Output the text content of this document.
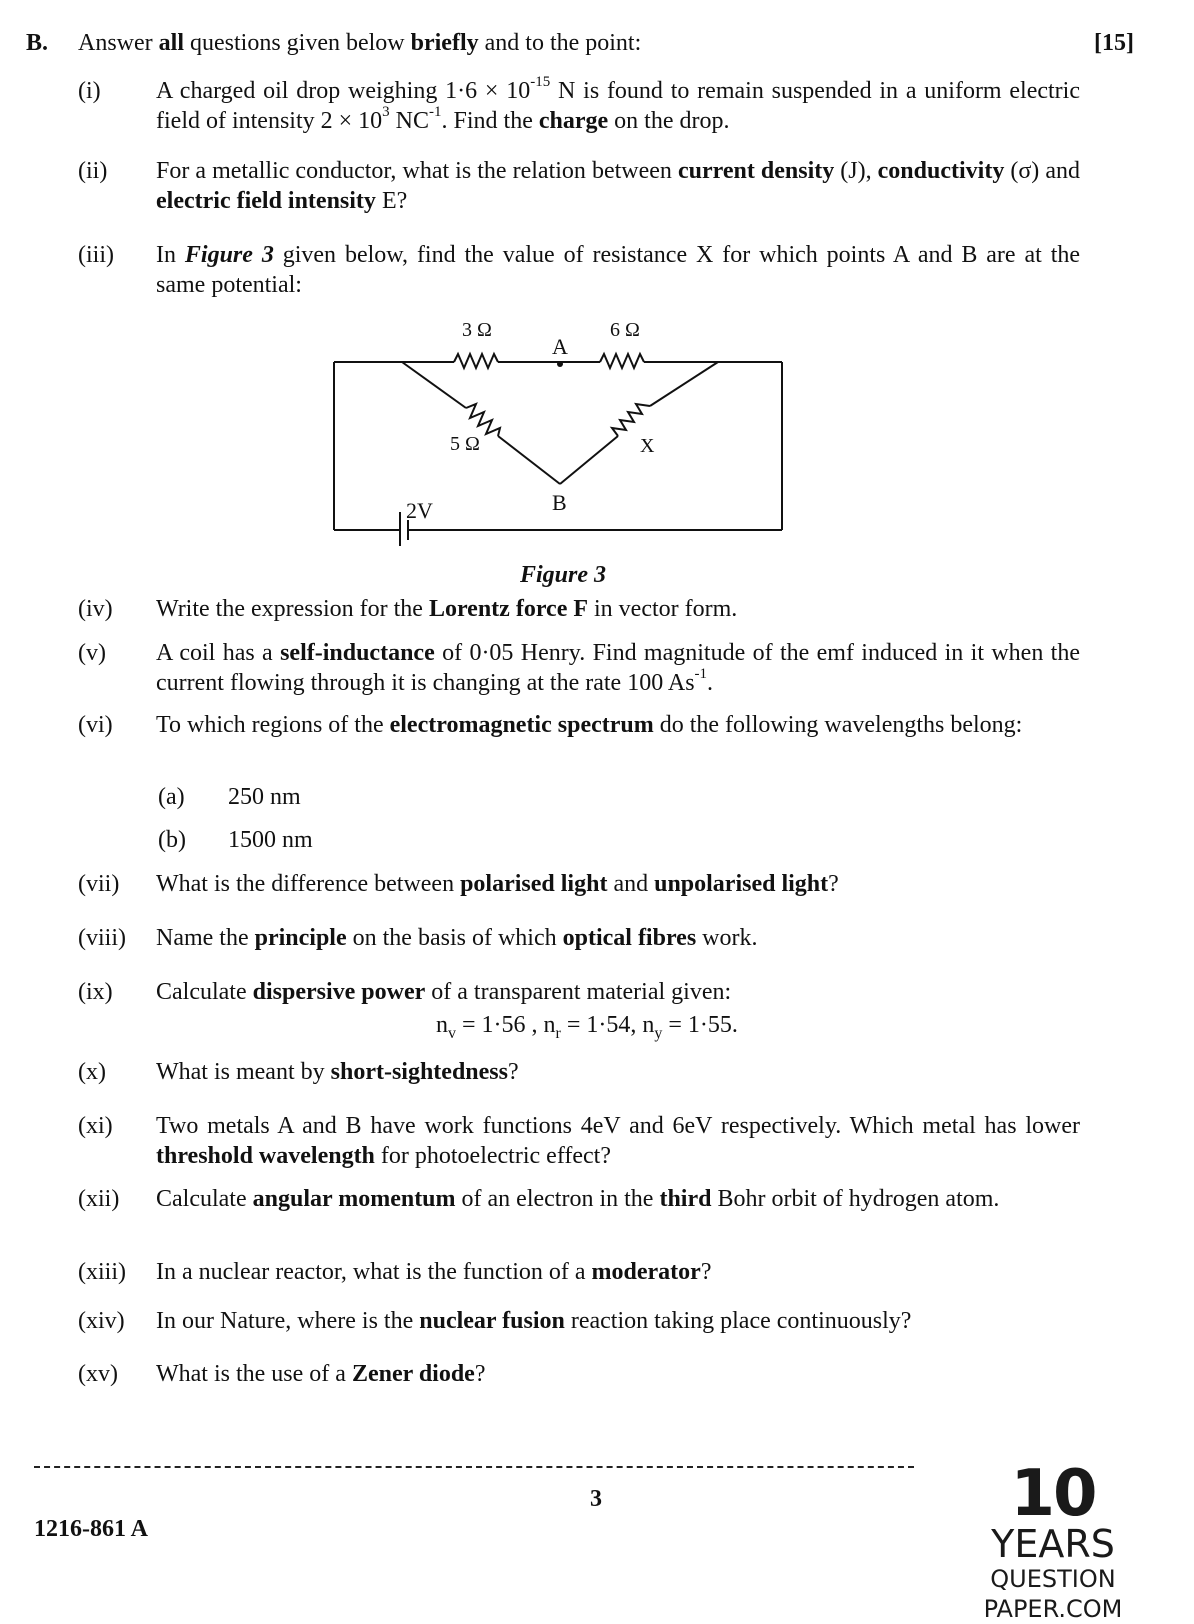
B. Answer all questions given below briefly and to the point:	[15]
(i) A charged oil drop weighing $1\cdot 6 \times 10^{-15}$ N is found to remain suspended in a uniform electric field of intensity $2 \times 10^3$ $NC^{-1}$. Find the charge on the drop.
(ii) For a metallic conductor, what is the relation between current density (J), conductivity (σ) and electric field intensity E?
(iii) In Figure 3 given below, find the value of resistance X for which points A and B are at the same potential:
3 Ω	6 Ω
A
5 Ω	X
B
2V
Figure 3
(iv) Write the expression for the Lorentz force F in vector form.
(v) A coil has a self-inductance of 0·05 Henry. Find magnitude of the emf induced in it when the current flowing through it is changing at the rate 100 $As^{-1}$.
(vi) To which regions of the electromagnetic spectrum do the following wavelengths belong:
(a) 250 nm
(b) 1500 nm
(vii) What is the difference between polarised light and unpolarised light?
(viii) Name the principle on the basis of which optical fibres work.
(ix) Calculate dispersive power of a transparent material given:
$n_v = 1\cdot 56$ , $n_r = 1\cdot 54$, $n_y = 1\cdot 55$.
(x) What is meant by short-sightedness?
(xi) Two metals A and B have work functions 4eV and 6eV respectively. Which metal has lower threshold wavelength for photoelectric effect?
(xii) Calculate angular momentum of an electron in the third Bohr orbit of hydrogen atom.
(xiii) In a nuclear reactor, what is the function of a moderator?
(xiv) In our Nature, where is the nuclear fusion reaction taking place continuously?
(xv) What is the use of a Zener diode?
3
1216-861 A	10
YEARS
QUESTION PAPER.COM
